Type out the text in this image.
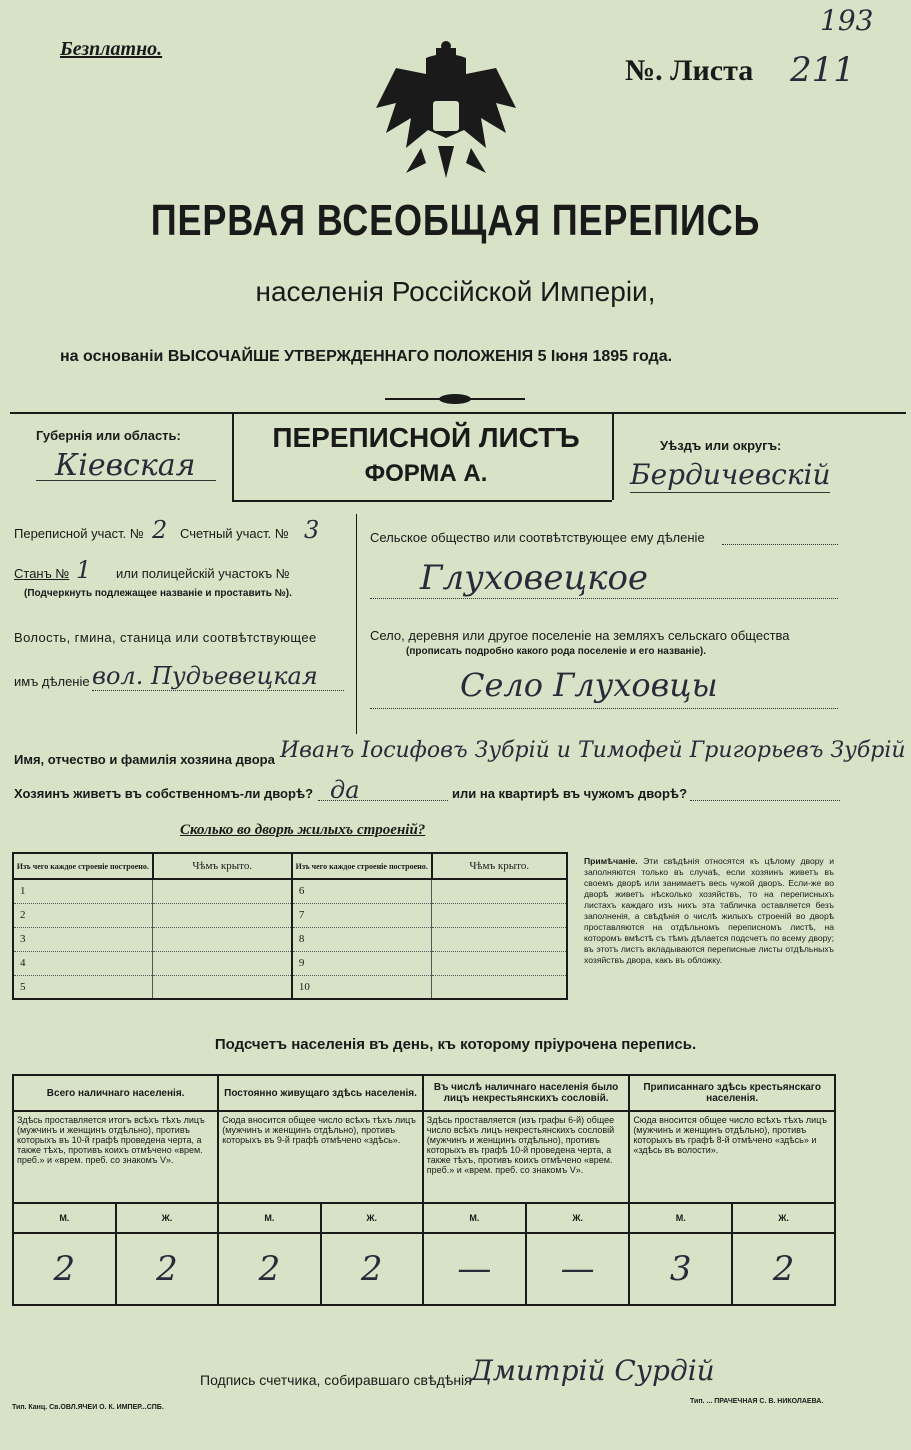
Безплатно.
№. Листа 211
193
ПЕРВАЯ ВСЕОБЩАЯ ПЕРЕПИСЬ
населенія Россійской Имперіи,
на основаніи ВЫСОЧАЙШЕ УТВЕРЖДЕННАГО ПОЛОЖЕНІЯ 5 Іюня 1895 года.
Губернія или область:
Кіевская
ПЕРЕПИСНОЙ ЛИСТЪ
ФОРМА А.
Уѣздъ или округъ:
Бердичевскій
Переписной участ. № 2 Счетный участ. № 3
Станъ № 1 или полицейскій участокъ №
(Подчеркнуть подлежащее названіе и проставить №).
Волость, гмина, станица или соотвѣтствующее
имъ дѣленіе вол. Пудьевецкая
Сельское общество или соотвѣтствующее ему дѣленіе
Глуховецкое
Село, деревня или другое поселеніе на земляхъ сельскаго общества
(прописать подробно какого рода поселеніе и его названіе).
Село Глуховцы
Имя, отчество и фамилія хозяина двора Иванъ Іосифовъ Зубрій и Тимофей Григорьевъ Зубрій
Хозяинъ живетъ въ собственномъ-ли дворѣ? да	или на квартирѣ въ чужомъ дворѣ?
Сколько во дворѣ жилыхъ строеній?
Изъ чего каждое строеніе построено.	Чѣмъ крыто.	Изъ чего каждое строеніе построено.	Чѣмъ крыто.
1		6	
2		7	
3		8	
4		9	
5		10	
Примѣчаніе. Эти свѣдѣнія относятся къ цѣлому двору и заполняются только въ случаѣ, если хозяинъ живетъ въ своемъ дворѣ или занимаетъ весь чужой дворъ. Если-же во дворѣ живетъ нѣсколько хозяйствъ, то на переписныхъ листахъ каждаго изъ нихъ эта табличка оставляется безъ заполненія, а свѣдѣнія о числѣ жилыхъ строеній во дворѣ проставляются на отдѣльномъ переписномъ листѣ, на которомъ вмѣстѣ съ тѣмъ дѣлается подсчетъ по всему двору; въ этотъ листъ вкладываются переписные листы отдѣльныхъ хозяйствъ двора, какъ въ обложку.
Подсчетъ населенія въ день, къ которому пріурочена перепись.
Всего наличнаго населенія.		Постоянно живущаго здѣсь населенія.		Въ числѣ наличнаго населенія было лицъ некрестьянскихъ сословій.		Приписаннаго здѣсь крестьянскаго населенія.	
Здѣсь проставляется итогъ всѣхъ тѣхъ лицъ (мужчинъ и женщинъ отдѣльно), противъ которыхъ въ 10-й графѣ проведена черта, а также тѣхъ, противъ коихъ отмѣчено «врем. преб.» и «врем. преб. со знакомъ V».		Сюда вносится общее число всѣхъ тѣхъ лицъ (мужчинъ и женщинъ отдѣльно), противъ которыхъ въ 9-й графѣ отмѣчено «здѣсь».		Здѣсь проставляется (изъ графы 6-й) общее число всѣхъ лицъ некрестьянскихъ сословій (мужчинъ и женщинъ отдѣльно), противъ которыхъ въ графѣ 10-й проведена черта, а также тѣхъ, противъ коихъ отмѣчено «врем. преб.» и «врем. преб. со знакомъ V».		Сюда вносится общее число всѣхъ тѣхъ лицъ (мужчинъ и женщинъ отдѣльно), противъ которыхъ въ графѣ 8-й отмѣчено «здѣсь» и «здѣсь въ волости».	
М.	Ж.	М.	Ж.	М.	Ж.	М.	Ж.
2	2	2	2	—	—	3	2
Подпись счетчика, собиравшаго свѣдѣнія
Дмитрій Сурдій
Тип. Канц. Св.ОВЛ.ЯЧЕИ О. К. ИМПЕР...СПБ.
Тип. ... ПРАЧЕЧНАЯ С. В. НИКОЛАЕВА.
